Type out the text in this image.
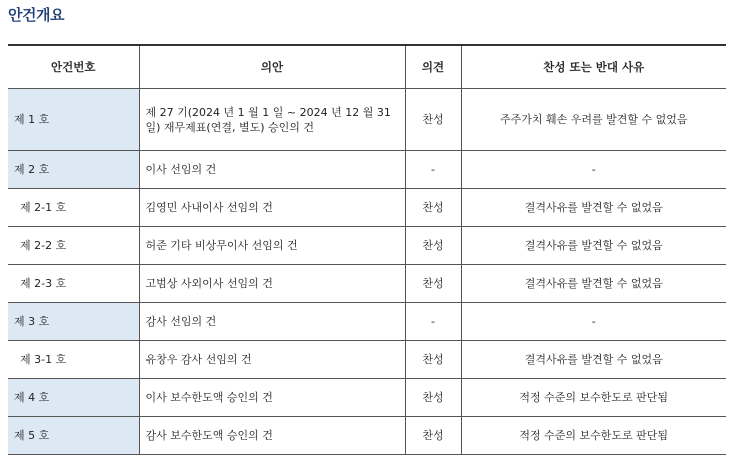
안건개요
안건번호	의안	의견	찬성 또는 반대 사유
제 1 호	제 27 기(2024 년 1 월 1 일 ~ 2024 년 12 월 31 일) 재무제표(연결, 별도) 승인의 건	찬성	주주가치 훼손 우려를 발견할 수 없었음
제 2 호	이사 선임의 건	-	-
제 2-1 호	김영민 사내이사 선임의 건	찬성	결격사유를 발견할 수 없었음
제 2-2 호	허준 기타 비상무이사 선임의 건	찬성	결격사유를 발견할 수 없었음
제 2-3 호	고범상 사외이사 선임의 건	찬성	결격사유를 발견할 수 없었음
제 3 호	감사 선임의 건	-	-
제 3-1 호	유창우 감사 선임의 건	찬성	결격사유를 발견할 수 없었음
제 4 호	이사 보수한도액 승인의 건	찬성	적정 수준의 보수한도로 판단됨
제 5 호	감사 보수한도액 승인의 건	찬성	적정 수준의 보수한도로 판단됨
